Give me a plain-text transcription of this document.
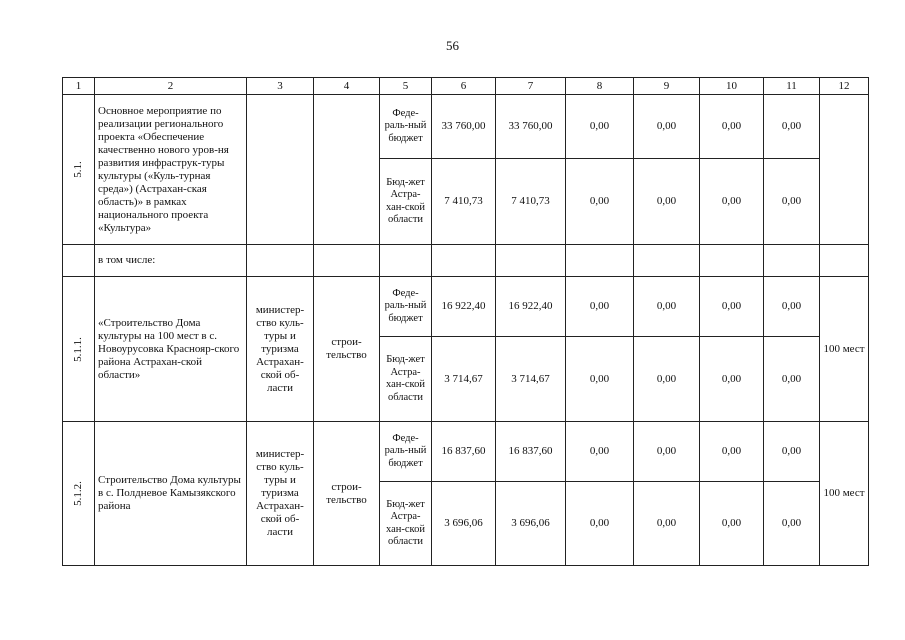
56
1	2	3	4	5	6	7	8	9	10	11	12
5.1.	Основное мероприятие по реализации регионального проекта «Обеспечение качественно нового уров-ня развития инфраструк-туры культуры («Куль-турная среда») (Астрахан-ская область)» в рамках национального проекта «Культура»			Феде-раль-ный бюджет	33 760,00	33 760,00	0,00	0,00	0,00	0,00	
				Бюд-жет Астра-хан-ской области	7 410,73	7 410,73	0,00	0,00	0,00	0,00	
	в том числе:										
5.1.1.	«Строительство Дома культуры на 100 мест в с. Новоурусовка Краснояр-ского района Астрахан-ской области»	министер-ство куль-туры и туризма Астрахан-ской об-ласти	строи-тельство	Феде-раль-ный бюджет	16 922,40	16 922,40	0,00	0,00	0,00	0,00	100 мест
				Бюд-жет Астра-хан-ской области	3 714,67	3 714,67	0,00	0,00	0,00	0,00	
5.1.2.	Строительство Дома культуры в с. Полдневое Камызякского района	министер-ство куль-туры и туризма Астрахан-ской об-ласти	строи-тельство	Феде-раль-ный бюджет	16 837,60	16 837,60	0,00	0,00	0,00	0,00	100 мест
				Бюд-жет Астра-хан-ской области	3 696,06	3 696,06	0,00	0,00	0,00	0,00	
